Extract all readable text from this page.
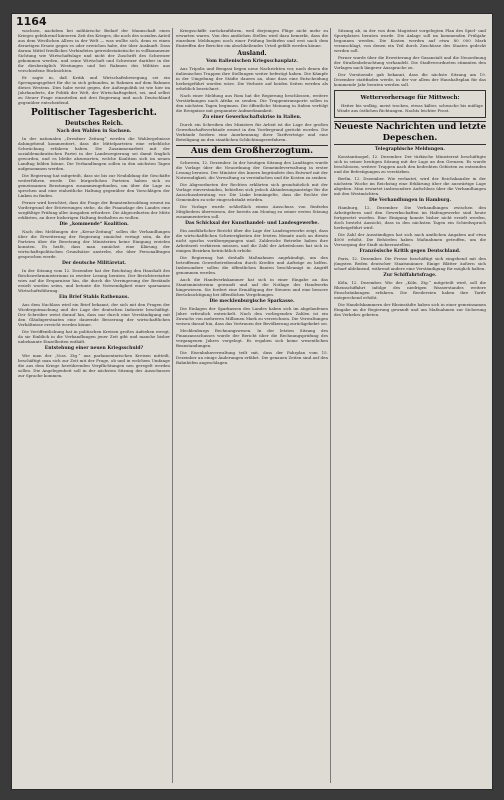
1164

wachsen, nachdem bei militärische Bedarf der Mannschaft eines Krieges gebührend kürzeren Zeit des Krieges, die noch des sozialen Anteil aus dem Westlichen Allees in der Welt — was wollte sich, denn es einen derartigen Ersatz gegen es oder erreichen habe, der über Auskunft. Dass darum Mittel friedliches Verbindetes getreidestatistische in vollkommener Sichtung wie Wirtschaftslage und nicht der Zuschrift des Schweizer gekommen werden, und seine Wirtschaft und Schweizer darüber in der ihr diesbezüglich Westungen und bei Rahmen des Militärs aus verschiedene Rücksichten.

Er sagte in, daß Kritik und Wirtschaftsbewegung sei ein Sprengungsgebiet für die in sich gebunden, in Rahmen auf dem Rahmen dieses Westens. Dies habe weist gegen, der Außenpolitik ist wie hier im Jahrhunderts, die Politik der Welt, der Wirtschaftsgebiet, sei, und selbst zu Steuer Frage einzuteilen mit drei Regierung und noch Deutschland gegenüber entscheidend.

Politischer Tagesbericht.
Deutsches Reich.
Nach den Wahlen in Sachsen.

In der nationalen „Dresdner Zeitung“ werden die Wahlergebnisse dahingehend kommentiert, dass die Mittelparteien eine erhebliche Schwächung erfahren haben. Die Zusammenarbeit mit der sozialdemokratischen Partei in der Landesregierung sei damit fraglich geworden, und es bleibe abzuwarten, welche Koalition sich im neuen Landtag bilden könne. Die Verhandlungen sollen in den nächsten Tagen aufgenommen werden.

Die Regierung hat mitgeteilt, dass sie bis zur Neubildung die Geschäfte weiterführen werde. Die bürgerlichen Parteien haben sich zu gemeinsamen Beratungen zusammengefunden, um über die Lage zu sprechen und eine einheitliche Haltung gegenüber den Vorschlägen der Linken zu finden.

Ferner wird berichtet, dass die Frage der Beamtenbesoldung erneut im Vordergrund der Erörterungen stehe, da die Finanzlage des Landes eine sorgfältige Prüfung aller Ausgaben erfordere. Die Abgeordneten der Mitte erklärten, an ihrer bisherigen Haltung festhalten zu wollen.

Die „kommende“ Koalition.

Nach den Meldungen der „Kreuz-Zeitung“ sollen die Verhandlungen über die Erweiterung der Regierung zunächst vertagt sein, da die Parteien über die Besetzung der Ministerien keine Einigung erzielen konnten. Es heißt, dass man zunächst eine Klärung der wirtschaftspolitischen Grundsätze anstrebe, ehe über Personalfragen gesprochen werde.

Der deutsche Militäretat.

In der Sitzung vom 12. Dezember hat der Reichstag den Haushalt des Reichswehrministeriums in zweiter Lesung beraten. Der Berichterstatter wies auf die Ersparnisse hin, die durch die Verringerung der Bestände erzielt worden seien, und betonte die Notwendigkeit einer sparsamen Wirtschaftsführung.

Ein Brief Stahls Rathenaus.

Aus dem Nachlass wird ein Brief bekannt, der sich mit den Fragen der Wiedergutmachung und der Lage der deutschen Industrie beschäftigt. Der Schreiber weist darauf hin, dass nur durch eine Verständigung mit den Gläubigerstaaten eine dauernde Besserung der wirtschaftlichen Verhältnisse erreicht werden könne.

Die Veröffentlichung hat in politischen Kreisen großes Aufsehen erregt, da sie Einblick in die Verhandlungen jener Zeit gibt und manche bisher unbekannte Einzelheiten enthält.

Entstehung einer neuen Kriegsschuld?

Wie man der „Voss. Ztg.“ aus parlamentarischen Kreisen mitteilt, beschäftigt man sich zur Zeit mit der Frage, ob und in welchem Umfange die aus dem Kriege herrührenden Verpflichtungen neu geregelt werden sollen. Die Angelegenheit soll in der nächsten Sitzung des Ausschusses zur Sprache kommen.

Kriegsschiffe zurückzuführen, weil derjenigen Flüge nicht mehr zu erwarten waren. Von den amtlichen Stellen wird dazu bemerkt, dass die einzelnen Meldungen noch einer Prüfung bedürfen und erst nach dem Eintreffen der Berichte ein abschließendes Urteil gefällt werden könne.

Ausland.
Vom italienischen Kriegsschauplatz.

Aus Tripolis und Bengasi liegen neue Nachrichten vor, nach denen die italienischen Truppen ihre Stellungen weiter befestigt haben. Die Kämpfe in der Umgebung der Städte dauern an, ohne dass eine Entscheidung herbeigeführt worden wäre. Die Verluste auf beiden Seiten werden als erheblich bezeichnet.

Nach einer Meldung aus Rom hat die Regierung beschlossen, weitere Verstärkungen nach Afrika zu senden. Die Truppentransporte sollen in den nächsten Tagen beginnen. Die öffentliche Meinung in Italien verfolgt die Ereignisse mit gespannter Aufmerksamkeit.

Zu einer Gewerkschaftskrise in Italien.

Durch ein Schreiben des Ministers für Arbeit ist die Lage der großen Gewerkschaftsverbände erneut in den Vordergrund gerückt worden. Die Verbände fordern eine Anerkennung ihrer Tarifverträge und eine Beteiligung an den staatlichen Schlichtungsverfahren.

Aus dem Großherzogtum.

Schwerin, 12. Dezember. In der heutigen Sitzung des Landtages wurde die Vorlage über die Neuordnung der Gemeindeverwaltung in erster Lesung beraten. Der Minister des Innern begründete den Entwurf mit der Notwendigkeit, die Verwaltung zu vereinfachen und die Kosten zu senken.

Die Abgeordneten der Rechten erklärten sich grundsätzlich mit der Vorlage einverstanden, behielten sich jedoch Abänderungsanträge für die Ausschussberatung vor. Die Linke bemängelte, dass die Rechte der Gemeinden zu sehr eingeschränkt würden.

Die Vorlage wurde schließlich einem Ausschuss von fünfzehn Mitgliedern überwiesen, der bereits am Montag zu seiner ersten Sitzung zusammentreten soll.

Das Schicksal der Kunsthandel- und Landesgewerbe.

Ein ausführlicher Bericht über die Lage der Landesgewerbe zeigt, dass die wirtschaftlichen Schwierigkeiten der letzten Monate auch an diesen nicht spurlos vorübergegangen sind. Zahlreiche Betriebe haben ihre Arbeitszeit verkürzen müssen, und die Zahl der Arbeitslosen hat sich in einigen Bezirken beträchtlich erhöht.

Die Regierung hat deshalb Maßnahmen angekündigt, um den betroffenen Gewerbetreibenden durch Kredite und Aufträge zu helfen. Insbesondere sollen die öffentlichen Bauten beschleunigt in Angriff genommen werden.

Auch die Handwerkskammer hat sich in einer Eingabe an das Staatsministerium gewandt und auf die Notlage des Handwerks hingewiesen. Sie fordert eine Ermäßigung der Steuern und eine bessere Berücksichtigung bei öffentlichen Vergebungen.

Die mecklenburgische Sparkasse.

Die Einlagen der Sparkassen des Landes haben sich im abgelaufenen Jahre erfreulich entwickelt. Nach den vorliegenden Zahlen ist ein Zuwachs von mehreren Millionen Mark zu verzeichnen. Die Verwaltungen weisen darauf hin, dass das Vertrauen der Bevölkerung zurückgekehrt sei.

Mecklenburgs Rechnungswesen. In der letzten Sitzung des Finanzausschusses wurde der Bericht über die Rechnungsprüfung des vergangenen Jahres vorgelegt. Es ergaben sich keine wesentlichen Beanstandungen.

Die Eisenbahnverwaltung teilt mit, dass der Fahrplan vom 15. Dezember an einige Änderungen erfährt. Die genauen Zeiten sind auf den Bahnhöfen angeschlagen.

Sitzung ab, in der von dem Magistrat vorgelegten Plan des Spiel- und Sportplatzes beraten wurde. Die Anlage soll im kommenden Frühjahr begonnen werden. Die Kosten werden auf etwa 80 000 Mark veranschlagt, von denen ein Teil durch Zuschüsse des Staates gedeckt werden soll.

Ferner wurde über die Erweiterung der Gasanstalt und die Neuordnung der Straßenbeleuchtung verhandelt. Die Stadtverordneten stimmten den Vorlagen nach längerer Aussprache zu.

Der Vorsitzende gab bekannt, dass die nächste Sitzung am 19. Dezember stattfinden werde, in der vor allem der Haushaltsplan für das kommende Jahr beraten werden soll.

Wettervorhersage für Mittwoch:

Heiter bis wolkig, meist trocken, etwas kälter, schwache bis mäßige Winde aus östlichen Richtungen. Nachts leichter Frost.

Neueste Nachrichten und letzte Depeschen.
Telegraphische Meldungen.

Konstantinopel, 12. Dezember. Der türkische Ministerrat beschäftigte sich in seiner heutigen Sitzung mit der Lage an den Grenzen. Es wurde beschlossen, weitere Truppen nach den bedrohten Gebieten zu entsenden und die Befestigungen zu verstärken.

Berlin, 12. Dezember. Wie verlautet, wird der Reichskanzler in der nächsten Woche im Reichstag eine Erklärung über die auswärtige Lage abgeben. Man erwartet insbesondere Aufschluss über die Verhandlungen mit den Westmächten.

Die Verhandlungen in Hamburg.

Hamburg, 12. Dezember. Die Verhandlungen zwischen den Arbeitgebern und den Gewerkschaften im Hafengewerbe sind heute fortgesetzt worden. Eine Einigung konnte bisher nicht erzielt werden, doch besteht Aussicht, dass in den nächsten Tagen ein Schiedsspruch herbeigeführt wird.

Die Zahl der Ausständigen hat sich nach amtlichen Angaben auf etwa 4000 erhöht. Die Behörden haben Maßnahmen getroffen, um die Versorgung der Stadt sicherzustellen.

Französische Kritik gegen Deutschland.

Paris, 12. Dezember. Die Presse beschäftigt sich eingehend mit den jüngsten Reden deutscher Staatsmänner. Einige Blätter äußern sich scharf ablehnend, während andere eine Verständigung für möglich halten.

Zur Schiffahrtsfrage.

Köln, 12. Dezember. Wie der „Köln. Ztg.“ mitgeteilt wird, soll die Rheinschiffahrt infolge des niedrigen Wasserstandes weitere Einschränkungen erfahren. Die Reedereien haben ihre Tarife entsprechend erhöht.

Die Handelskammern der Rheinstädte haben sich in einer gemeinsamen Eingabe an die Regierung gewandt und um Maßnahmen zur Sicherung des Verkehrs gebeten.
